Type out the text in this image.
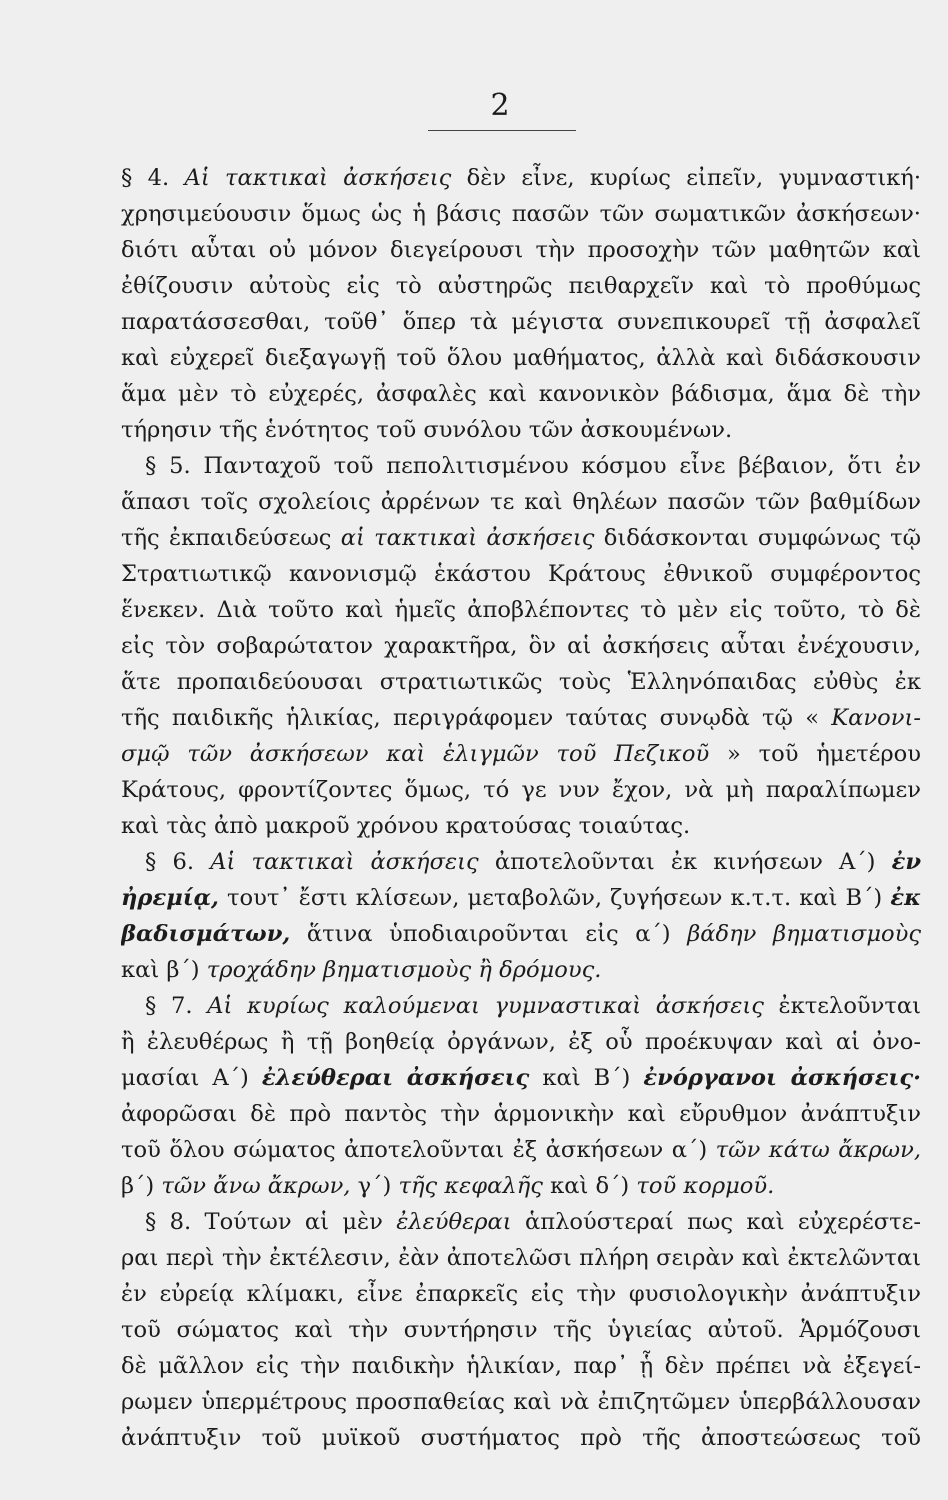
2
§ 4. Αἱ τακτικαὶ ἀσκήσεις δὲν εἶνε, κυρίως εἰπεῖν, γυμναστική·
χρησιμεύουσιν ὅμως ὡς ἡ βάσις πασῶν τῶν σωματικῶν ἀσκήσεων·
διότι αὗται οὐ μόνον διεγείρουσι τὴν προσοχὴν τῶν μαθητῶν καὶ
ἐθίζουσιν αὐτοὺς εἰς τὸ αὐστηρῶς πειθαρχεῖν καὶ τὸ προθύμως
παρατάσσεσθαι, τοῦθ᾽ ὅπερ τὰ μέγιστα συνεπικουρεῖ τῇ ἀσφαλεῖ
καὶ εὐχερεῖ διεξαγωγῇ τοῦ ὅλου μαθήματος, ἀλλὰ καὶ διδάσκουσιν
ἅμα μὲν τὸ εὐχερές, ἀσφαλὲς καὶ κανονικὸν βάδισμα, ἅμα δὲ τὴν
τήρησιν τῆς ἑνότητος τοῦ συνόλου τῶν ἀσκουμένων.
§ 5. Πανταχοῦ τοῦ πεπολιτισμένου κόσμου εἶνε βέβαιον, ὅτι ἐν
ἅπασι τοῖς σχολείοις ἀρρένων τε καὶ θηλέων πασῶν τῶν βαθμίδων
τῆς ἐκπαιδεύσεως αἱ τακτικαὶ ἀσκήσεις διδάσκονται συμφώνως τῷ
Στρατιωτικῷ κανονισμῷ ἑκάστου Κράτους ἐθνικοῦ συμφέροντος
ἕνεκεν. Διὰ τοῦτο καὶ ἡμεῖς ἀποβλέποντες τὸ μὲν εἰς τοῦτο, τὸ δὲ
εἰς τὸν σοβαρώτατον χαρακτῆρα, ὃν αἱ ἀσκήσεις αὗται ἐνέχουσιν,
ἅτε προπαιδεύουσαι στρατιωτικῶς τοὺς Ἑλληνόπαιδας εὐθὺς ἐκ
τῆς παιδικῆς ἡλικίας, περιγράφομεν ταύτας συνῳδὰ τῷ « Κανονι-
σμῷ τῶν ἀσκήσεων καὶ ἑλιγμῶν τοῦ Πεζικοῦ » τοῦ ἡμετέρου
Κράτους, φροντίζοντες ὅμως, τό γε νυν ἔχον, νὰ μὴ παραλίπωμεν
καὶ τὰς ἀπὸ μακροῦ χρόνου κρατούσας τοιαύτας.
§ 6. Αἱ τακτικαὶ ἀσκήσεις ἀποτελοῦνται ἐκ κινήσεων Α΄) ἐν
ἠρεμίᾳ, τουτ᾽ ἔστι κλίσεων, μεταβολῶν, ζυγήσεων κ.τ.τ. καὶ Β΄) ἐκ
βαδισμάτων, ἅτινα ὑποδιαιροῦνται εἰς α΄) βάδην βηματισμοὺς
καὶ β΄) τροχάδην βηματισμοὺς ἢ δρόμους.
§ 7. Αἱ κυρίως καλούμεναι γυμναστικαὶ ἀσκήσεις ἐκτελοῦνται
ἢ ἐλευθέρως ἢ τῇ βοηθείᾳ ὀργάνων, ἐξ οὗ προέκυψαν καὶ αἱ ὀνο-
μασίαι Α΄) ἐλεύθεραι ἀσκήσεις καὶ Β΄) ἐνόργανοι ἀσκήσεις·
ἀφορῶσαι δὲ πρὸ παντὸς τὴν ἁρμονικὴν καὶ εὔρυθμον ἀνάπτυξιν
τοῦ ὅλου σώματος ἀποτελοῦνται ἐξ ἀσκήσεων α΄) τῶν κάτω ἄκρων,
β΄) τῶν ἄνω ἄκρων, γ΄) τῆς κεφαλῆς καὶ δ΄) τοῦ κορμοῦ.
§ 8. Τούτων αἱ μὲν ἐλεύθεραι ἁπλούστεραί πως καὶ εὐχερέστε-
ραι περὶ τὴν ἐκτέλεσιν, ἐὰν ἀποτελῶσι πλήρη σειρὰν καὶ ἐκτελῶνται
ἐν εὐρείᾳ κλίμακι, εἶνε ἐπαρκεῖς εἰς τὴν φυσιολογικὴν ἀνάπτυξιν
τοῦ σώματος καὶ τὴν συντήρησιν τῆς ὑγιείας αὐτοῦ. Ἁρμόζουσι
δὲ μᾶλλον εἰς τὴν παιδικὴν ἡλικίαν, παρ᾽ ᾗ δὲν πρέπει νὰ ἐξεγεί-
ρωμεν ὑπερμέτρους προσπαθείας καὶ νὰ ἐπιζητῶμεν ὑπερβάλλουσαν
ἀνάπτυξιν τοῦ μυϊκοῦ συστήματος πρὸ τῆς ἀποστεώσεως τοῦ
